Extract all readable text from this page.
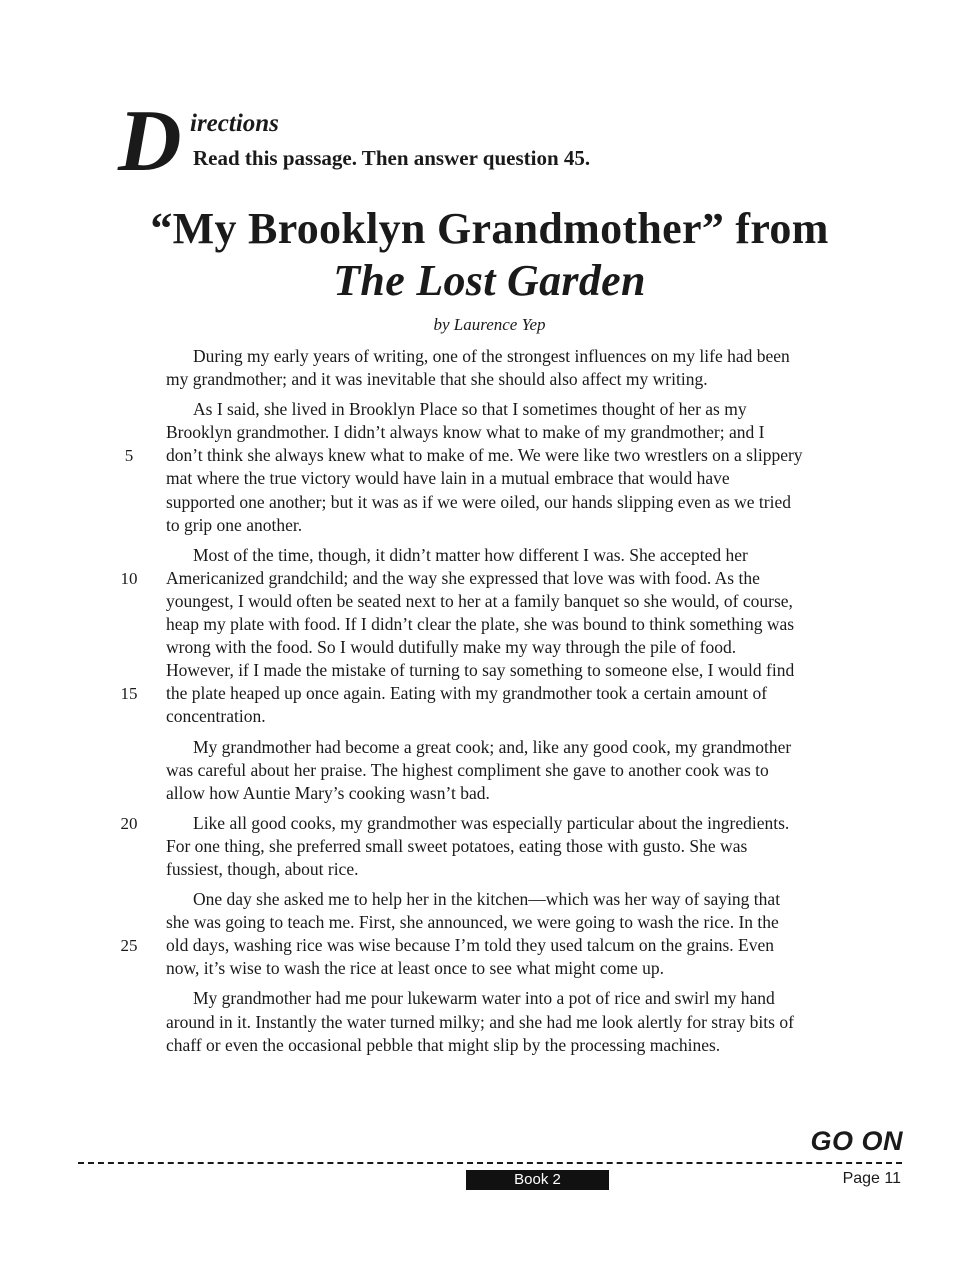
D irections
Read this passage. Then answer question 45.
“My Brooklyn Grandmother” from
The Lost Garden
by Laurence Yep
During my early years of writing, one of the strongest influences on my life had been
my grandmother; and it was inevitable that she should also affect my writing.
As I said, she lived in Brooklyn Place so that I sometimes thought of her as my
Brooklyn grandmother. I didn’t always know what to make of my grandmother; and I
5	don’t think she always knew what to make of me. We were like two wrestlers on a slippery
mat where the true victory would have lain in a mutual embrace that would have
supported one another; but it was as if we were oiled, our hands slipping even as we tried
to grip one another.
Most of the time, though, it didn’t matter how different I was. She accepted her
10	Americanized grandchild; and the way she expressed that love was with food. As the
youngest, I would often be seated next to her at a family banquet so she would, of course,
heap my plate with food. If I didn’t clear the plate, she was bound to think something was
wrong with the food. So I would dutifully make my way through the pile of food.
However, if I made the mistake of turning to say something to someone else, I would find
15	the plate heaped up once again. Eating with my grandmother took a certain amount of
concentration.
My grandmother had become a great cook; and, like any good cook, my grandmother
was careful about her praise. The highest compliment she gave to another cook was to
allow how Auntie Mary’s cooking wasn’t bad.
20	Like all good cooks, my grandmother was especially particular about the ingredients.
For one thing, she preferred small sweet potatoes, eating those with gusto. She was
fussiest, though, about rice.
One day she asked me to help her in the kitchen—which was her way of saying that
she was going to teach me. First, she announced, we were going to wash the rice. In the
25	old days, washing rice was wise because I’m told they used talcum on the grains. Even
now, it’s wise to wash the rice at least once to see what might come up.
My grandmother had me pour lukewarm water into a pot of rice and swirl my hand
around in it. Instantly the water turned milky; and she had me look alertly for stray bits of
chaff or even the occasional pebble that might slip by the processing machines.
GO ON
Book 2	Page 11
